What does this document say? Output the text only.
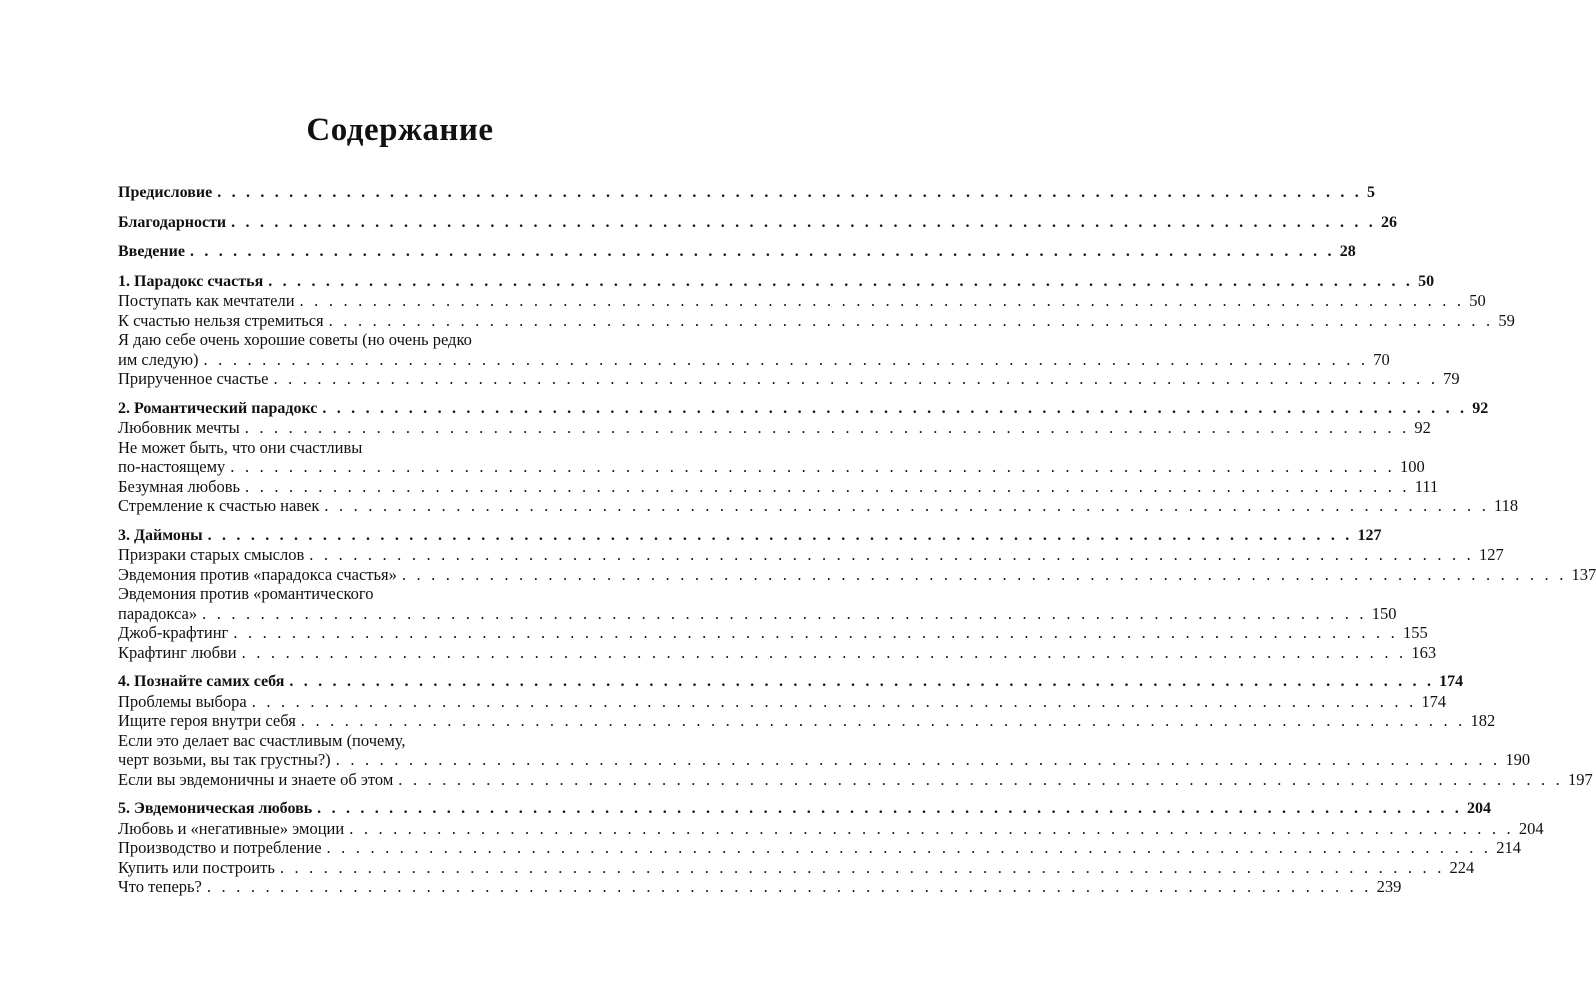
Содержание
Предисловие . . . . . . . . . . . . . . . . . . . . . . . . . . . . . . . . . . . . . . . . . . . . . . . . . . . . . . . . . . . . . . . . . . . . . . . . . . . . . . . . 5
Благодарности . . . . . . . . . . . . . . . . . . . . . . . . . . . . . . . . . . . . . . . . . . . . . . . . . . . . . . . . . . . . . . . . . . . . . . . . . . . . . . . . 26
Введение . . . . . . . . . . . . . . . . . . . . . . . . . . . . . . . . . . . . . . . . . . . . . . . . . . . . . . . . . . . . . . . . . . . . . . . . . . . . . . . . 28
1. Парадокс счастья . . . . . . . . . . . . . . . . . . . . . . . . . . . . . . . . . . . . . . . . . . . . . . . . . . . . . . . . . . . . . . . . . . . . . . . . . . . . . . . . 50
Поступать как мечтатели . . . . . . . . . . . . . . . . . . . . . . . . . . . . . . . . . . . . . . . . . . . . . . . . . . . . . . . . . . . . . . . . . . . . . . . . . . . . . . . . 50
К счастью нельзя стремиться . . . . . . . . . . . . . . . . . . . . . . . . . . . . . . . . . . . . . . . . . . . . . . . . . . . . . . . . . . . . . . . . . . . . . . . . . . . . . . . . 59
Я даю себе очень хорошие советы (но очень редко
им следую) . . . . . . . . . . . . . . . . . . . . . . . . . . . . . . . . . . . . . . . . . . . . . . . . . . . . . . . . . . . . . . . . . . . . . . . . . . . . . . . . 70
Прирученное счастье . . . . . . . . . . . . . . . . . . . . . . . . . . . . . . . . . . . . . . . . . . . . . . . . . . . . . . . . . . . . . . . . . . . . . . . . . . . . . . . . 79
2. Романтический парадокс . . . . . . . . . . . . . . . . . . . . . . . . . . . . . . . . . . . . . . . . . . . . . . . . . . . . . . . . . . . . . . . . . . . . . . . . . . . . . . . . 92
Любовник мечты . . . . . . . . . . . . . . . . . . . . . . . . . . . . . . . . . . . . . . . . . . . . . . . . . . . . . . . . . . . . . . . . . . . . . . . . . . . . . . . . 92
Не может быть, что они счастливы
по-настоящему . . . . . . . . . . . . . . . . . . . . . . . . . . . . . . . . . . . . . . . . . . . . . . . . . . . . . . . . . . . . . . . . . . . . . . . . . . . . . . . . 100
Безумная любовь . . . . . . . . . . . . . . . . . . . . . . . . . . . . . . . . . . . . . . . . . . . . . . . . . . . . . . . . . . . . . . . . . . . . . . . . . . . . . . . . 111
Стремление к счастью навек . . . . . . . . . . . . . . . . . . . . . . . . . . . . . . . . . . . . . . . . . . . . . . . . . . . . . . . . . . . . . . . . . . . . . . . . . . . . . . . . 118
3. Даймоны . . . . . . . . . . . . . . . . . . . . . . . . . . . . . . . . . . . . . . . . . . . . . . . . . . . . . . . . . . . . . . . . . . . . . . . . . . . . . . . . 127
Призраки старых смыслов . . . . . . . . . . . . . . . . . . . . . . . . . . . . . . . . . . . . . . . . . . . . . . . . . . . . . . . . . . . . . . . . . . . . . . . . . . . . . . . . 127
Эвдемония против «парадокса счастья» . . . . . . . . . . . . . . . . . . . . . . . . . . . . . . . . . . . . . . . . . . . . . . . . . . . . . . . . . . . . . . . . . . . . . . . . . . . . . . . . 137
Эвдемония против «романтического
парадокса» . . . . . . . . . . . . . . . . . . . . . . . . . . . . . . . . . . . . . . . . . . . . . . . . . . . . . . . . . . . . . . . . . . . . . . . . . . . . . . . . 150
Джоб-крафтинг . . . . . . . . . . . . . . . . . . . . . . . . . . . . . . . . . . . . . . . . . . . . . . . . . . . . . . . . . . . . . . . . . . . . . . . . . . . . . . . . 155
Крафтинг любви . . . . . . . . . . . . . . . . . . . . . . . . . . . . . . . . . . . . . . . . . . . . . . . . . . . . . . . . . . . . . . . . . . . . . . . . . . . . . . . . 163
4. Познайте самих себя . . . . . . . . . . . . . . . . . . . . . . . . . . . . . . . . . . . . . . . . . . . . . . . . . . . . . . . . . . . . . . . . . . . . . . . . . . . . . . . . 174
Проблемы выбора . . . . . . . . . . . . . . . . . . . . . . . . . . . . . . . . . . . . . . . . . . . . . . . . . . . . . . . . . . . . . . . . . . . . . . . . . . . . . . . . 174
Ищите героя внутри себя . . . . . . . . . . . . . . . . . . . . . . . . . . . . . . . . . . . . . . . . . . . . . . . . . . . . . . . . . . . . . . . . . . . . . . . . . . . . . . . . 182
Если это делает вас счастливым (почему,
черт возьми, вы так грустны?) . . . . . . . . . . . . . . . . . . . . . . . . . . . . . . . . . . . . . . . . . . . . . . . . . . . . . . . . . . . . . . . . . . . . . . . . . . . . . . . . 190
Если вы эвдемоничны и знаете об этом . . . . . . . . . . . . . . . . . . . . . . . . . . . . . . . . . . . . . . . . . . . . . . . . . . . . . . . . . . . . . . . . . . . . . . . . . . . . . . . . 197
5. Эвдемоническая любовь . . . . . . . . . . . . . . . . . . . . . . . . . . . . . . . . . . . . . . . . . . . . . . . . . . . . . . . . . . . . . . . . . . . . . . . . . . . . . . . . 204
Любовь и «негативные» эмоции . . . . . . . . . . . . . . . . . . . . . . . . . . . . . . . . . . . . . . . . . . . . . . . . . . . . . . . . . . . . . . . . . . . . . . . . . . . . . . . . 204
Производство и потребление . . . . . . . . . . . . . . . . . . . . . . . . . . . . . . . . . . . . . . . . . . . . . . . . . . . . . . . . . . . . . . . . . . . . . . . . . . . . . . . . 214
Купить или построить . . . . . . . . . . . . . . . . . . . . . . . . . . . . . . . . . . . . . . . . . . . . . . . . . . . . . . . . . . . . . . . . . . . . . . . . . . . . . . . . 224
Что теперь? . . . . . . . . . . . . . . . . . . . . . . . . . . . . . . . . . . . . . . . . . . . . . . . . . . . . . . . . . . . . . . . . . . . . . . . . . . . . . . . . 239
